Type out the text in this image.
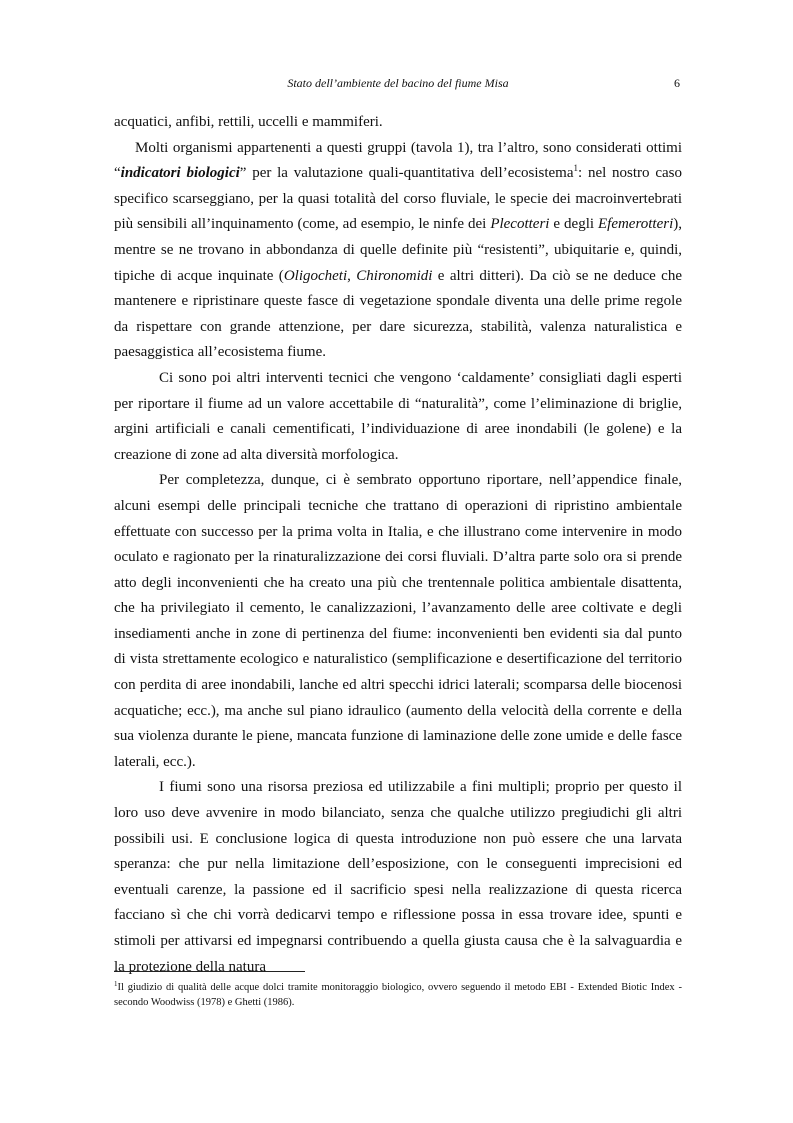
Stato dell’ambiente del bacino del fiume Misa	6

acquatici, anfibi, rettili, uccelli e mammiferi.

Molti organismi appartenenti a questi gruppi (tavola 1), tra l’altro, sono considerati ottimi “indicatori biologici” per la valutazione quali-quantitativa dell’ecosistema$^1$: nel nostro caso specifico scarseggiano, per la quasi totalità del corso fluviale, le specie dei macroinvertebrati più sensibili all’inquinamento (come, ad esempio, le ninfe dei Plecotteri e degli Efemerotteri), mentre se ne trovano in abbondanza di quelle definite più “resistenti”, ubiquitarie e, quindi, tipiche di acque inquinate (Oligocheti, Chironomidi e altri ditteri). Da ciò se ne deduce che mantenere e ripristinare queste fasce di vegetazione spondale diventa una delle prime regole da rispettare con grande attenzione, per dare sicurezza, stabilità, valenza naturalistica e paesaggistica all’ecosistema fiume.

Ci sono poi altri interventi tecnici che vengono ‘caldamente’ consigliati dagli esperti per riportare il fiume ad un valore accettabile di “naturalità”, come l’eliminazione di briglie, argini artificiali e canali cementificati, l’individuazione di aree inondabili (le golene) e la creazione di zone ad alta diversità morfologica.

Per completezza, dunque, ci è sembrato opportuno riportare, nell’appendice finale, alcuni esempi delle principali tecniche che trattano di operazioni di ripristino ambientale effettuate con successo per la prima volta in Italia, e che illustrano come intervenire in modo oculato e ragionato per la rinaturalizzazione dei corsi fluviali. D’altra parte solo ora si prende atto degli inconvenienti che ha creato una più che trentennale politica ambientale disattenta, che ha privilegiato il cemento, le canalizzazioni, l’avanzamento delle aree coltivate e degli insediamenti anche in zone di pertinenza del fiume: inconvenienti ben evidenti sia dal punto di vista strettamente ecologico e naturalistico (semplificazione e desertificazione del territorio con perdita di aree inondabili, lanche ed altri specchi idrici laterali; scomparsa delle biocenosi acquatiche; ecc.), ma anche sul piano idraulico (aumento della velocità della corrente e della sua violenza durante le piene, mancata funzione di laminazione delle zone umide e delle fasce laterali, ecc.).

I fiumi sono una risorsa preziosa ed utilizzabile a fini multipli; proprio per questo il loro uso deve avvenire in modo bilanciato, senza che qualche utilizzo pregiudichi gli altri possibili usi. E conclusione logica di questa introduzione non può essere che una larvata speranza: che pur nella limitazione dell’esposizione, con le conseguenti imprecisioni ed eventuali carenze, la passione ed il sacrificio spesi nella realizzazione di questa ricerca facciano sì che chi vorrà dedicarvi tempo e riflessione possa in essa trovare idee, spunti e stimoli per attivarsi ed impegnarsi contribuendo a quella giusta causa che è la salvaguardia e la protezione della natura

$^1$Il giudizio di qualità delle acque dolci tramite monitoraggio biologico, ovvero seguendo il metodo EBI - Extended Biotic Index - secondo Woodwiss (1978) e Ghetti (1986).
